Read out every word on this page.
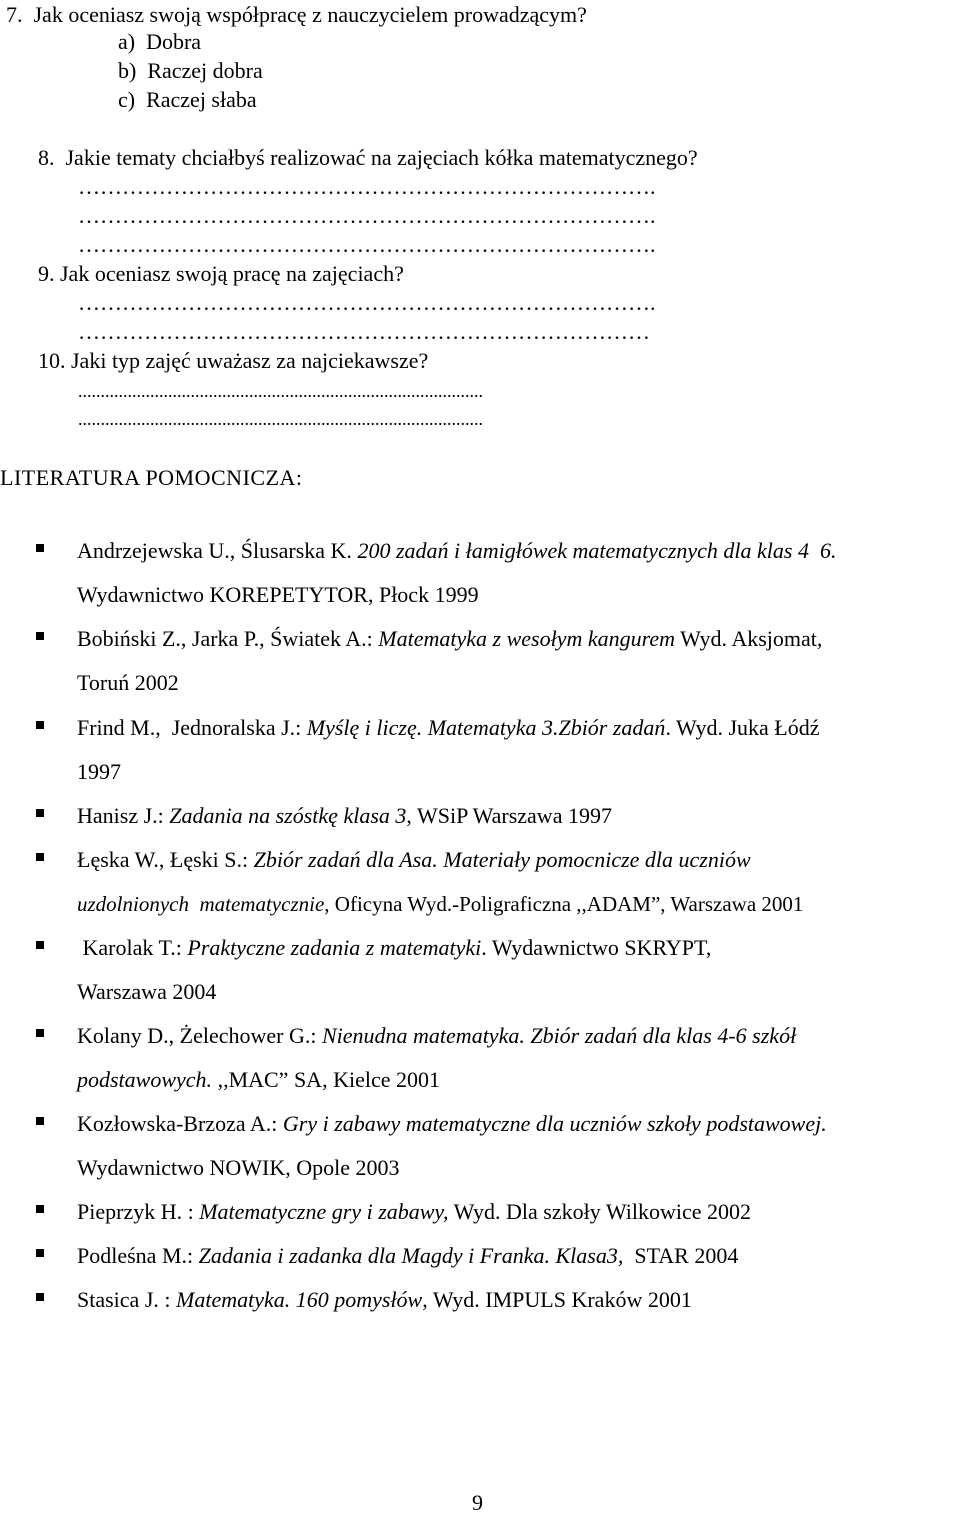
7.  Jak oceniasz swoją współpracę z nauczycielem prowadzącym?
a)  Dobra
b)  Raczej dobra
c)  Raczej słaba
8.  Jakie tematy chciałbyś realizować na zajęciach kółka matematycznego?
…………………………………………………………………….
…………………………………………………………………….
…………………………………………………………………….
9. Jak oceniasz swoją pracę na zajęciach?
…………………………………………………………………….
……………………………………………………………………
10. Jaki typ zajęć uważasz za najciekawsze?
..........................................................................................
..........................................................................................
LITERATURA POMOCNICZA:
Andrzejewska U., Ślusarska K. 200 zadań i łamigłówek matematycznych dla klas 4  6.
Wydawnictwo KOREPETYTOR, Płock 1999
Bobiński Z., Jarka P., Światek A.: Matematyka z wesołym kangurem Wyd. Aksjomat,
Toruń 2002
Frind M.,  Jednoralska J.: Myślę i liczę. Matematyka 3.Zbiór zadań. Wyd. Juka Łódź
1997
Hanisz J.: Zadania na szóstkę klasa 3, WSiP Warszawa 1997
Łęska W., Łęski S.: Zbiór zadań dla Asa. Materiały pomocnicze dla uczniów
uzdolnionych  matematycznie, Oficyna Wyd.-Poligraficzna ,,ADAM”, Warszawa 2001
Karolak T.: Praktyczne zadania z matematyki. Wydawnictwo SKRYPT,
Warszawa 2004
Kolany D., Żelechower G.: Nienudna matematyka. Zbiór zadań dla klas 4-6 szkół
podstawowych. ,,MAC” SA, Kielce 2001
Kozłowska-Brzoza A.: Gry i zabawy matematyczne dla uczniów szkoły podstawowej.
Wydawnictwo NOWIK, Opole 2003
Pieprzyk H. : Matematyczne gry i zabawy, Wyd. Dla szkoły Wilkowice 2002
Podleśna M.: Zadania i zadanka dla Magdy i Franka. Klasa3,  STAR 2004
Stasica J. : Matematyka. 160 pomysłów, Wyd. IMPULS Kraków 2001
9
